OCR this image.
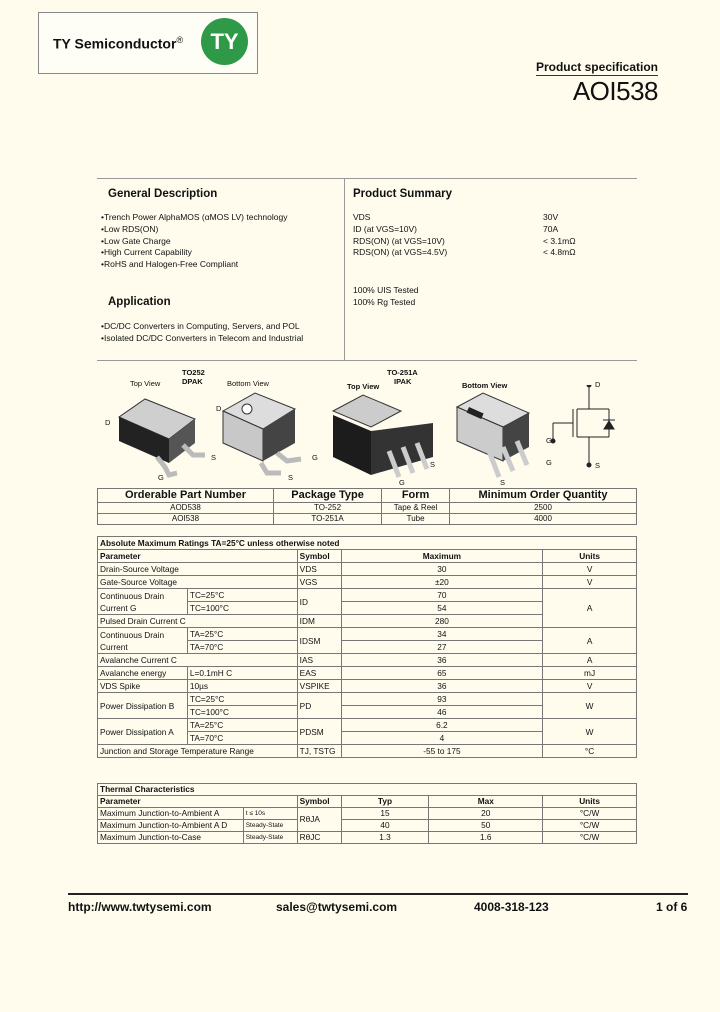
TY Semiconductor®	TY
Product specification
AOI538
General Description
• Trench Power AlphaMOS (αMOS LV) technology
• Low RDS(ON)
• Low Gate Charge
• High Current Capability
• RoHS and Halogen-Free Compliant
Application
• DC/DC Converters in Computing, Servers, and POL
• Isolated DC/DC Converters in Telecom and Industrial
Product Summary
VDS	30V
ID (at VGS=10V)	70A
RDS(ON) (at VGS=10V)	< 3.1mΩ
RDS(ON) (at VGS=4.5V)	< 4.8mΩ
100% UIS Tested
100% Rg Tested
TO252
DPAK
Top View	Bottom View
TO-251A
IPAK
Top View	Bottom View
D
G
S
D
G
S
G
S	G
S
D
G
S
Orderable Part Number	Package Type	Form	Minimum Order Quantity
AOD538	TO-252	Tape & Reel	2500
AOI538	TO-251A	Tube	4000
Absolute Maximum Ratings TA=25°C unless otherwise noted				
Parameter		Symbol	Maximum	Units
Drain-Source Voltage		VDS	30	V
Gate-Source Voltage		VGS	±20	V
Continuous Drain Current G	TC=25°C	ID	70	A
	TC=100°C		54	
Pulsed Drain Current C		IDM	280	
Continuous Drain Current	TA=25°C	IDSM	34	A
	TA=70°C		27	
Avalanche Current C		IAS	36	A
Avalanche energy	L=0.1mH C	EAS	65	mJ
VDS Spike	10µs	VSPIKE	36	V
Power Dissipation B	TC=25°C	PD	93	W
	TC=100°C		46	
Power Dissipation A	TA=25°C	PDSM	6.2	W
	TA=70°C		4	
Junction and Storage Temperature Range		TJ, TSTG	-55 to 175	°C
Thermal Characteristics					
Parameter		Symbol	Typ	Max	Units
Maximum Junction-to-Ambient A	t ≤ 10s	RθJA	15	20	°C/W
Maximum Junction-to-Ambient A D	Steady-State		40	50	°C/W
Maximum Junction-to-Case	Steady-State	RθJC	1.3	1.6	°C/W
http://www.twtysemi.com	sales@twtysemi.com	4008-318-123	1 of 6
